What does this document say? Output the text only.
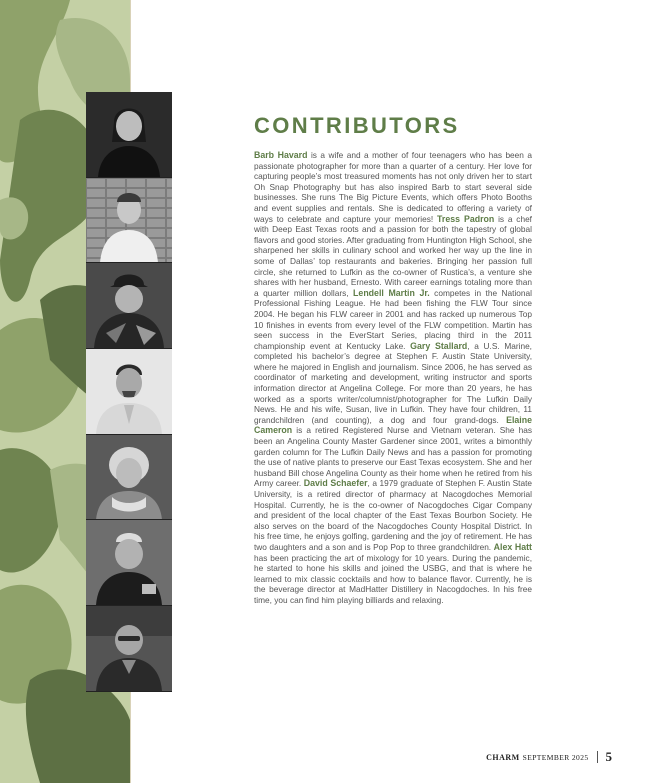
CONTRIBUTORS

Barb Havard is a wife and a mother of four teenagers who has been a passionate photographer for more than a quarter of a century. Her love for capturing people’s most treasured moments has not only driven her to start Oh Snap Photography but has also inspired Barb to start several side businesses. She runs The Big Picture Events, which offers Photo Booths and event supplies and rentals. She is dedicated to offering a variety of ways to celebrate and capture your memories! Tress Padron is a chef with Deep East Texas roots and a passion for both the tapestry of global flavors and good stories. After graduating from Huntington High School, she sharpened her skills in culinary school and worked her way up the line in some of Dallas’ top restaurants and bakeries. Bringing her passion full circle, she returned to Lufkin as the co-owner of Rustica’s, a venture she shares with her husband, Ernesto. With career earnings totaling more than a quarter million dollars, Lendell Martin Jr. competes in the National Professional Fishing League. He had been fishing the FLW Tour since 2004. He began his FLW career in 2001 and has racked up numerous Top 10 finishes in events from every level of the FLW competition. Martin has seen success in the EverStart Series, placing third in the 2011 championship event at Kentucky Lake. Gary Stallard, a U.S. Marine, completed his bachelor’s degree at Stephen F. Austin State University, where he majored in English and journalism. Since 2006, he has served as coordinator of marketing and development, writing instructor and sports information director at Angelina College. For more than 20 years, he has worked as a sports writer/columnist/photographer for The Lufkin Daily News. He and his wife, Susan, live in Lufkin. They have four children, 11 grandchildren (and counting), a dog and four grand-dogs. Elaine Cameron is a retired Registered Nurse and Vietnam veteran. She has been an Angelina County Master Gardener since 2001, writes a bimonthly garden column for The Lufkin Daily News and has a passion for promoting the use of native plants to preserve our East Texas ecosystem. She and her husband Bill chose Angelina County as their home when he retired from his Army career. David Schaefer, a 1979 graduate of Stephen F. Austin State University, is a retired director of pharmacy at Nacogdoches Memorial Hospital. Currently, he is the co-owner of Nacogdoches Cigar Company and president of the local chapter of the East Texas Bourbon Society. He also serves on the board of the Nacogdoches County Hospital District. In his free time, he enjoys golfing, gardening and the joy of retirement. He has two daughters and a son and is Pop Pop to three grandchildren. Alex Hatt has been practicing the art of mixology for 10 years. During the pandemic, he started to hone his skills and joined the USBG, and that is where he learned to mix classic cocktails and how to balance flavor. Currently, he is the beverage director at MadHatter Distillery in Nacogdoches. In his free time, you can find him playing billiards and relaxing.

CHARM SEPTEMBER 2025 5
